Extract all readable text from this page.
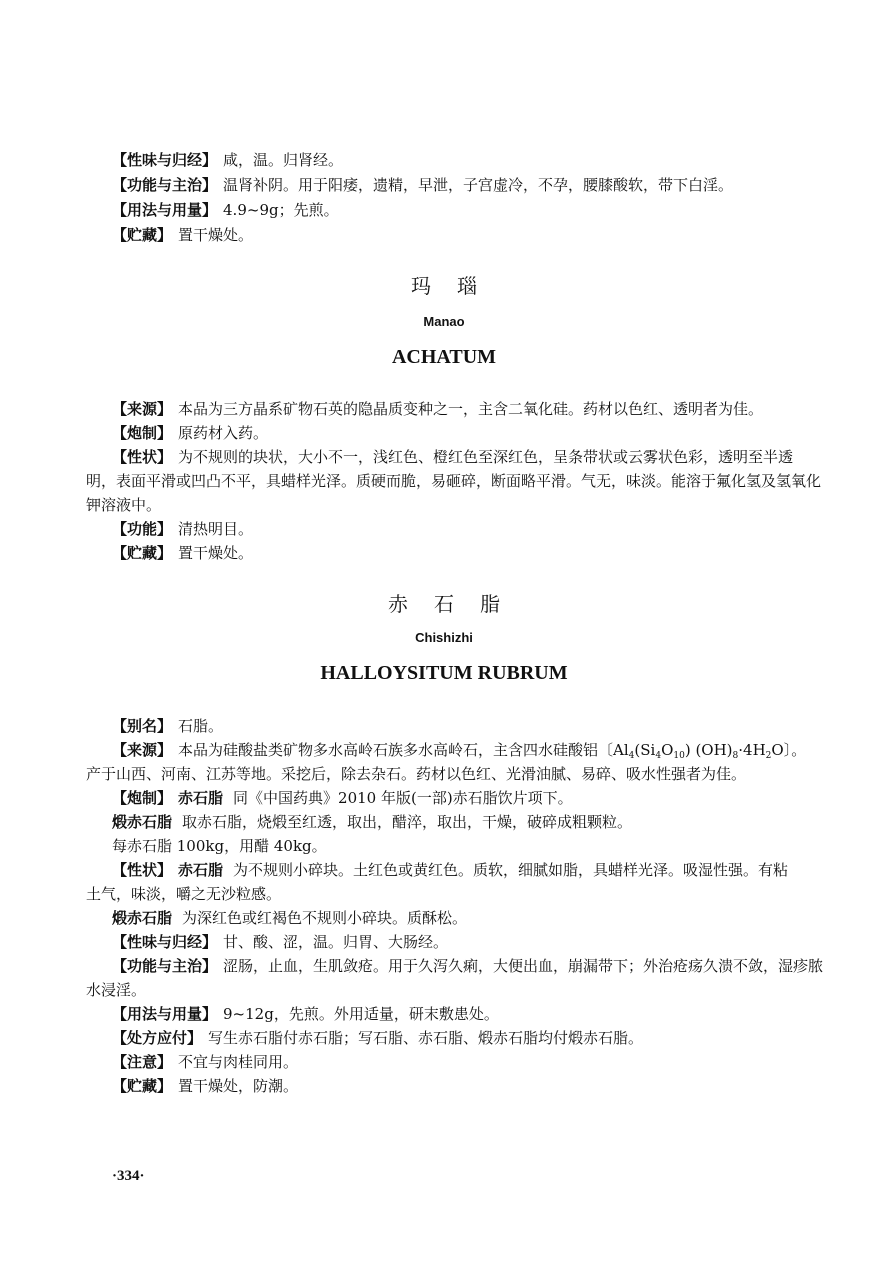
【性味与归经】 咸，温。归肾经。
【功能与主治】 温肾补阴。用于阳痿，遗精，早泄，子宫虚冷，不孕，腰膝酸软，带下白淫。
【用法与用量】 4.9~9g；先煎。
【贮藏】 置干燥处。
玛瑙
Manao
ACHATUM
【来源】 本品为三方晶系矿物石英的隐晶质变种之一，主含二氧化硅。药材以色红、透明者为佳。
【炮制】 原药材入药。
【性状】 为不规则的块状，大小不一，浅红色、橙红色至深红色，呈条带状或云雾状色彩，透明至半透
明，表面平滑或凹凸不平，具蜡样光泽。质硬而脆，易砸碎，断面略平滑。气无，味淡。能溶于氟化氢及氢氧化
钾溶液中。
【功能】 清热明目。
【贮藏】 置干燥处。
赤石脂
Chishizhi
HALLOYSITUM RUBRUM
【别名】 石脂。
【来源】 本品为硅酸盐类矿物多水高岭石族多水高岭石，主含四水硅酸铝〔$Al_4(Si_4O_{10})$ $(OH)_8\cdot 4H_2O$〕。
产于山西、河南、江苏等地。采挖后，除去杂石。药材以色红、光滑油腻、易碎、吸水性强者为佳。
【炮制】 赤石脂 同《中国药典》2010 年版(一部)赤石脂饮片项下。
煅赤石脂 取赤石脂，烧煅至红透，取出，醋淬，取出，干燥，破碎成粗颗粒。
每赤石脂 100kg，用醋 40kg。
【性状】 赤石脂 为不规则小碎块。土红色或黄红色。质软，细腻如脂，具蜡样光泽。吸湿性强。有粘
土气，味淡，嚼之无沙粒感。
煅赤石脂 为深红色或红褐色不规则小碎块。质酥松。
【性味与归经】 甘、酸、涩，温。归胃、大肠经。
【功能与主治】 涩肠，止血，生肌敛疮。用于久泻久痢，大便出血，崩漏带下；外治疮疡久溃不敛，湿疹脓
水浸淫。
【用法与用量】 9~12g，先煎。外用适量，研末敷患处。
【处方应付】 写生赤石脂付赤石脂；写石脂、赤石脂、煅赤石脂均付煅赤石脂。
【注意】 不宜与肉桂同用。
【贮藏】 置干燥处，防潮。
·334·
